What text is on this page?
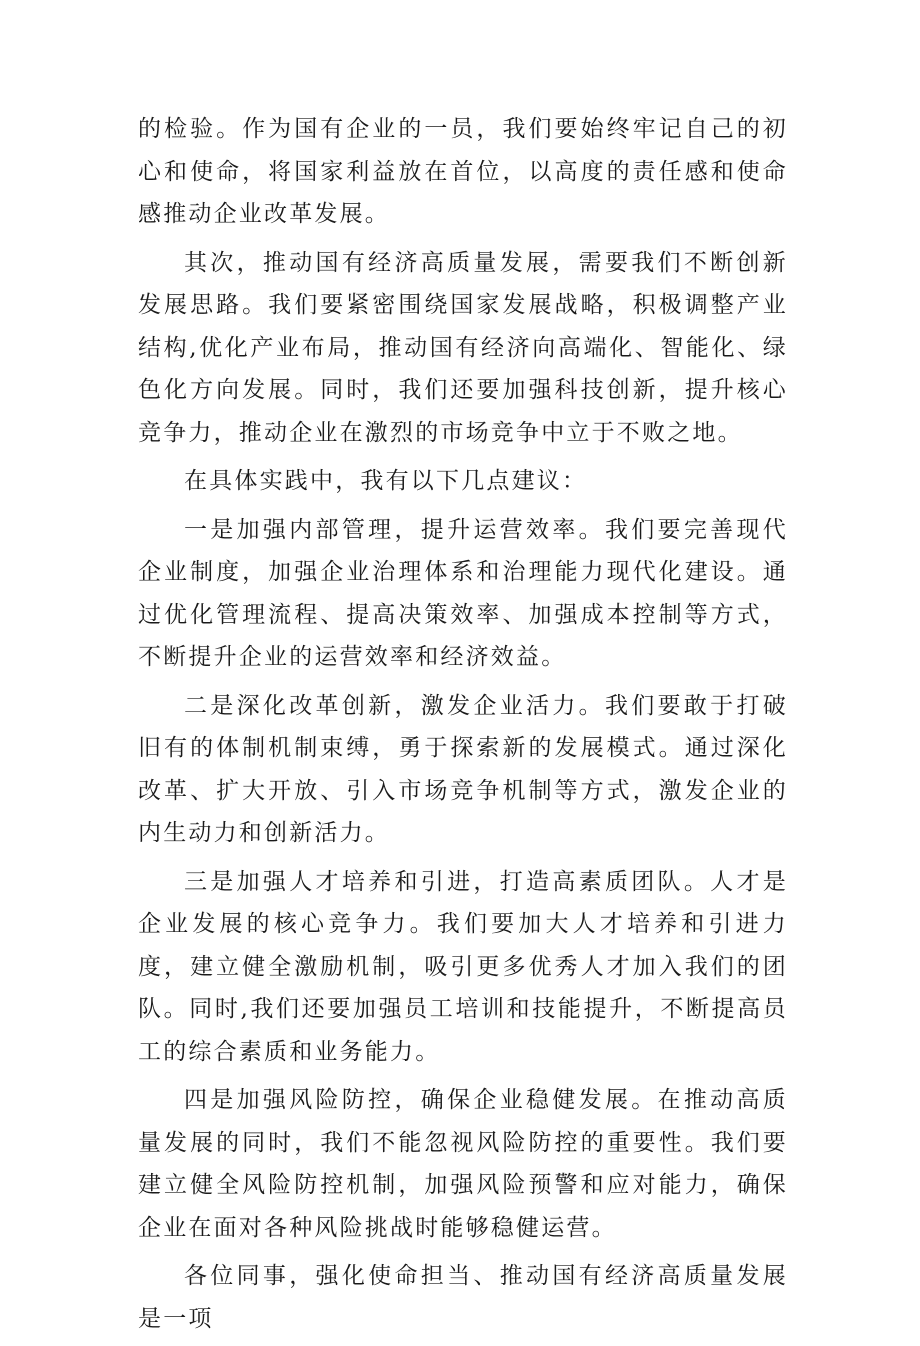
的检验。作为国有企业的一员，我们要始终牢记自己的初心和使命，将国家利益放在首位，以高度的责任感和使命感推动企业改革发展。

其次，推动国有经济高质量发展，需要我们不断创新发展思路。我们要紧密围绕国家发展战略，积极调整产业结构,优化产业布局，推动国有经济向高端化、智能化、绿色化方向发展。同时，我们还要加强科技创新，提升核心竞争力，推动企业在激烈的市场竞争中立于不败之地。

在具体实践中，我有以下几点建议：

一是加强内部管理，提升运营效率。我们要完善现代企业制度，加强企业治理体系和治理能力现代化建设。通过优化管理流程、提高决策效率、加强成本控制等方式，不断提升企业的运营效率和经济效益。

二是深化改革创新，激发企业活力。我们要敢于打破旧有的体制机制束缚，勇于探索新的发展模式。通过深化改革、扩大开放、引入市场竞争机制等方式，激发企业的内生动力和创新活力。

三是加强人才培养和引进，打造高素质团队。人才是企业发展的核心竞争力。我们要加大人才培养和引进力度，建立健全激励机制，吸引更多优秀人才加入我们的团队。同时,我们还要加强员工培训和技能提升，不断提高员工的综合素质和业务能力。

四是加强风险防控，确保企业稳健发展。在推动高质量发展的同时，我们不能忽视风险防控的重要性。我们要建立健全风险防控机制，加强风险预警和应对能力，确保企业在面对各种风险挑战时能够稳健运营。

各位同事，强化使命担当、推动国有经济高质量发展是一项
